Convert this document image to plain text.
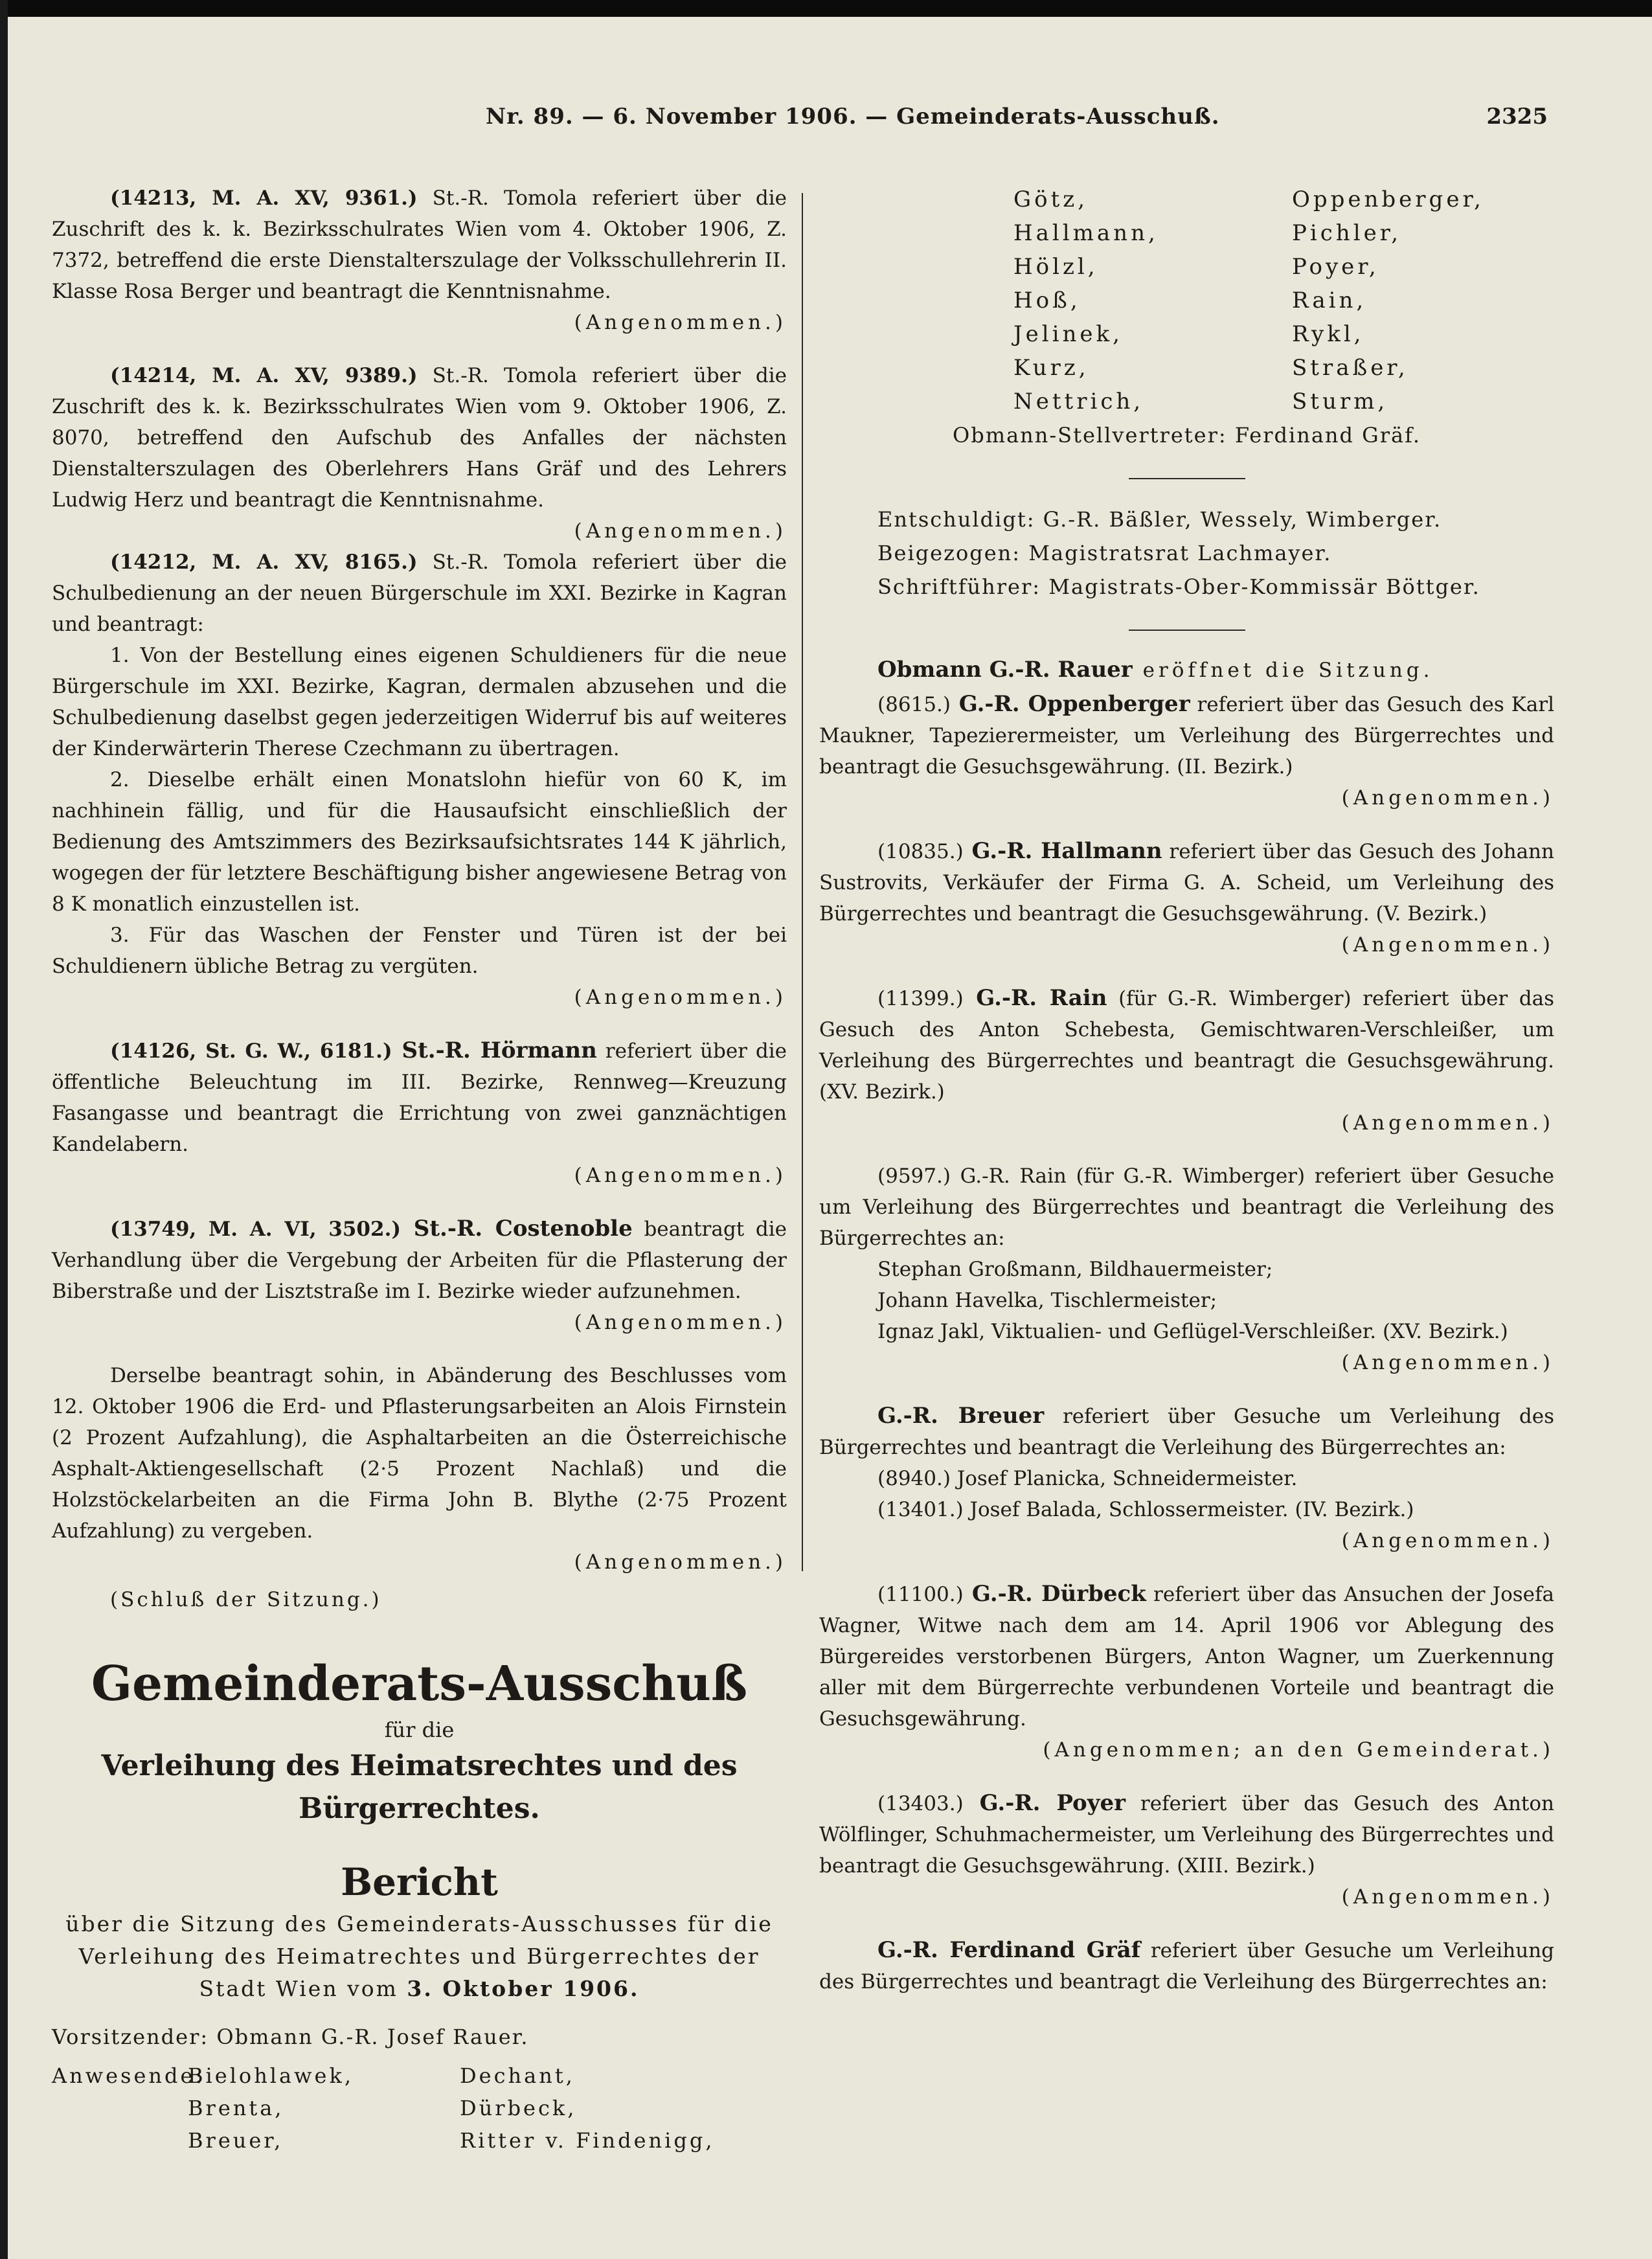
Nr. 89. — 6. November 1906. — Gemeinderats-Ausschuß.	2325

(14213, M. A. XV, 9361.) St.-R. Tomola referiert über die Zuschrift des k. k. Bezirksschulrates Wien vom 4. Oktober 1906, Z. 7372, betreffend die erste Dienstalterszulage der Volksschullehrerin II. Klasse Rosa Berger und beantragt die Kenntnisnahme.

(Angenommen.)

(14214, M. A. XV, 9389.) St.-R. Tomola referiert über die Zuschrift des k. k. Bezirksschulrates Wien vom 9. Oktober 1906, Z. 8070, betreffend den Aufschub des Anfalles der nächsten Dienstalterszulagen des Oberlehrers Hans Gräf und des Lehrers Ludwig Herz und beantragt die Kenntnisnahme.

(Angenommen.)

(14212, M. A. XV, 8165.) St.-R. Tomola referiert über die Schulbedienung an der neuen Bürgerschule im XXI. Bezirke in Kagran und beantragt:

1. Von der Bestellung eines eigenen Schuldieners für die neue Bürgerschule im XXI. Bezirke, Kagran, dermalen abzusehen und die Schulbedienung daselbst gegen jederzeitigen Widerruf bis auf weiteres der Kinderwärterin Therese Czechmann zu übertragen.

2. Dieselbe erhält einen Monatslohn hiefür von 60 K, im nachhinein fällig, und für die Hausaufsicht einschließlich der Bedienung des Amtszimmers des Bezirksaufsichtsrates 144 K jährlich, wogegen der für letztere Beschäftigung bisher angewiesene Betrag von 8 K monatlich einzustellen ist.

3. Für das Waschen der Fenster und Türen ist der bei Schuldienern übliche Betrag zu vergüten.

(Angenommen.)

(14126, St. G. W., 6181.) St.-R. Hörmann referiert über die öffentliche Beleuchtung im III. Bezirke, Rennweg—Kreuzung Fasangasse und beantragt die Errichtung von zwei ganznächtigen Kandelabern.

(Angenommen.)

(13749, M. A. VI, 3502.) St.-R. Costenoble beantragt die Verhandlung über die Vergebung der Arbeiten für die Pflasterung der Biberstraße und der Lisztstraße im I. Bezirke wieder aufzunehmen.

(Angenommen.)

Derselbe beantragt sohin, in Abänderung des Beschlusses vom 12. Oktober 1906 die Erd- und Pflasterungsarbeiten an Alois Firnstein (2 Prozent Aufzahlung), die Asphaltarbeiten an die Österreichische Asphalt-Aktiengesellschaft (2·5 Prozent Nachlaß) und die Holzstöckelarbeiten an die Firma John B. Blythe (2·75 Prozent Aufzahlung) zu vergeben.

(Angenommen.)

(Schluß der Sitzung.)

Gemeinderats-Ausschuß
für die
Verleihung des Heimatsrechtes und des Bürgerrechtes.
Bericht
über die Sitzung des Gemeinderats-Ausschusses für die Verleihung des Heimatrechtes und Bürgerrechtes der Stadt Wien vom 3. Oktober 1906.

Vorsitzender: Obmann G.-R. Josef Rauer.

Anwesende:
Bielohlawek,	Dechant,
Brenta,	Dürbeck,
Breuer,	Ritter v. Findenigg,
Götz,	Oppenberger,
Hallmann,	Pichler,
Hölzl,	Poyer,
Hoß,	Rain,
Jelinek,	Rykl,
Kurz,	Straßer,
Nettrich,	Sturm,

Obmann-Stellvertreter: Ferdinand Gräf.

Entschuldigt: G.-R. Bäßler, Wessely, Wimberger.

Beigezogen: Magistratsrat Lachmayer.

Schriftführer: Magistrats-Ober-Kommissär Böttger.

Obmann G.-R. Rauer eröffnet die Sitzung.

(8615.) G.-R. Oppenberger referiert über das Gesuch des Karl Maukner, Tapezierermeister, um Verleihung des Bürgerrechtes und beantragt die Gesuchsgewährung. (II. Bezirk.)

(Angenommen.)

(10835.) G.-R. Hallmann referiert über das Gesuch des Johann Sustrovits, Verkäufer der Firma G. A. Scheid, um Verleihung des Bürgerrechtes und beantragt die Gesuchsgewährung. (V. Bezirk.)

(Angenommen.)

(11399.) G.-R. Rain (für G.-R. Wimberger) referiert über das Gesuch des Anton Schebesta, Gemischtwaren-Verschleißer, um Verleihung des Bürgerrechtes und beantragt die Gesuchsgewährung. (XV. Bezirk.)

(Angenommen.)

(9597.) G.-R. Rain (für G.-R. Wimberger) referiert über Gesuche um Verleihung des Bürgerrechtes und beantragt die Verleihung des Bürgerrechtes an:

Stephan Großmann, Bildhauermeister;

Johann Havelka, Tischlermeister;

Ignaz Jakl, Viktualien- und Geflügel-Verschleißer. (XV. Bezirk.)

(Angenommen.)

G.-R. Breuer referiert über Gesuche um Verleihung des Bürgerrechtes und beantragt die Verleihung des Bürgerrechtes an:

(8940.) Josef Planicka, Schneidermeister.

(13401.) Josef Balada, Schlossermeister. (IV. Bezirk.)

(Angenommen.)

(11100.) G.-R. Dürbeck referiert über das Ansuchen der Josefa Wagner, Witwe nach dem am 14. April 1906 vor Ablegung des Bürgereides verstorbenen Bürgers, Anton Wagner, um Zuerkennung aller mit dem Bürgerrechte verbundenen Vorteile und beantragt die Gesuchsgewährung.

(Angenommen; an den Gemeinderat.)

(13403.) G.-R. Poyer referiert über das Gesuch des Anton Wölflinger, Schuhmachermeister, um Verleihung des Bürgerrechtes und beantragt die Gesuchsgewährung. (XIII. Bezirk.)

(Angenommen.)

G.-R. Ferdinand Gräf referiert über Gesuche um Verleihung des Bürgerrechtes und beantragt die Verleihung des Bürgerrechtes an:
